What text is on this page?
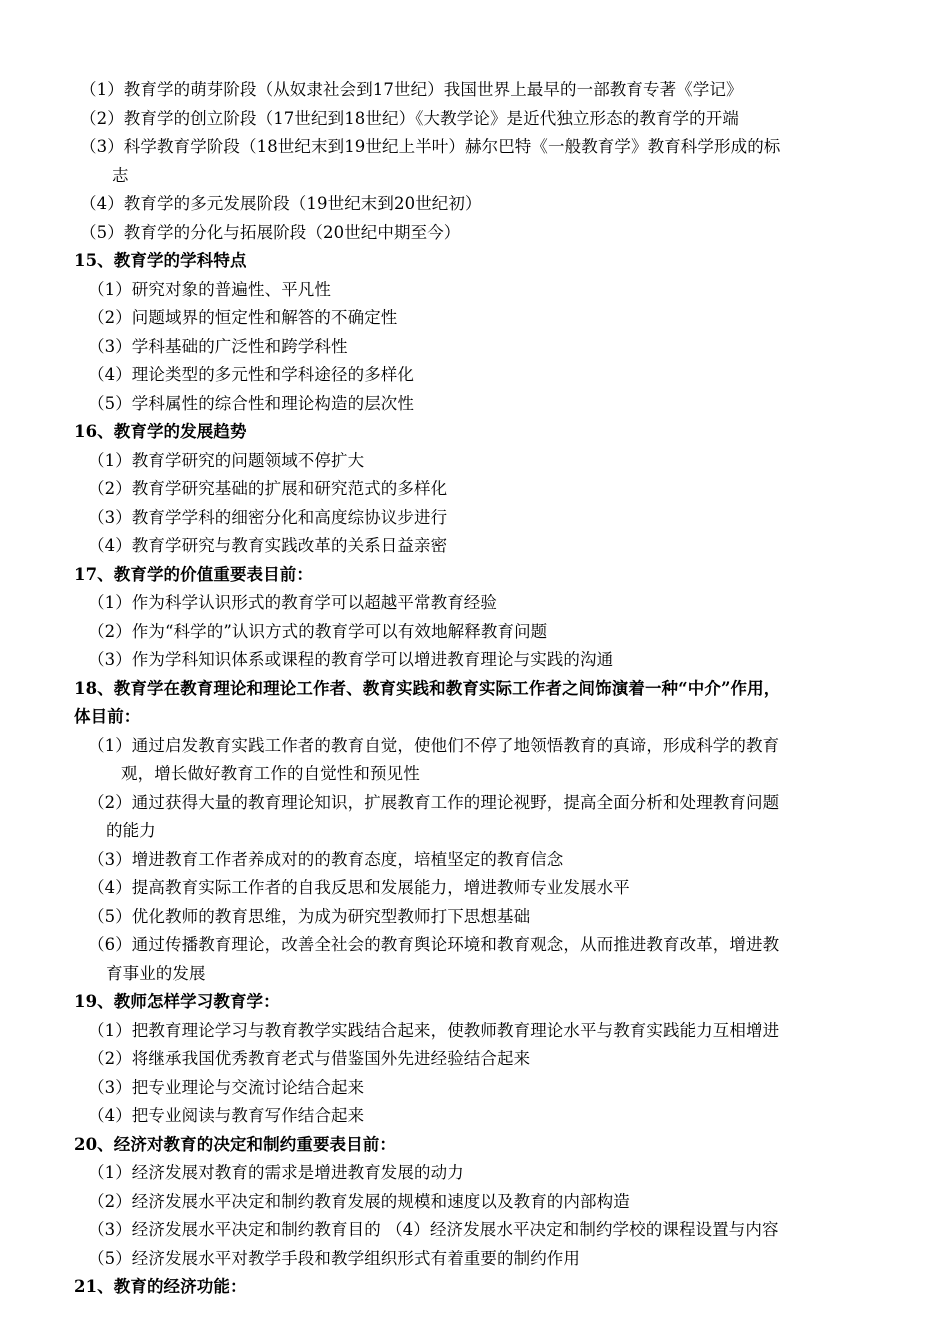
（1）教育学的萌芽阶段（从奴隶社会到17世纪）我国世界上最早的一部教育专著《学记》
（2）教育学的创立阶段（17世纪到18世纪）《大教学论》是近代独立形态的教育学的开端
（3）科学教育学阶段（18世纪末到19世纪上半叶）赫尔巴特《一般教育学》教育科学形成的标
志
（4）教育学的多元发展阶段（19世纪末到20世纪初）
（5）教育学的分化与拓展阶段（20世纪中期至今）
15、教育学的学科特点
（1）研究对象的普遍性、平凡性
（2）问题域界的恒定性和解答的不确定性
（3）学科基础的广泛性和跨学科性
（4）理论类型的多元性和学科途径的多样化
（5）学科属性的综合性和理论构造的层次性
16、教育学的发展趋势
（1）教育学研究的问题领域不停扩大
（2）教育学研究基础的扩展和研究范式的多样化
（3）教育学学科的细密分化和高度综协议步进行
（4）教育学研究与教育实践改革的关系日益亲密
17、教育学的价值重要表目前：
（1）作为科学认识形式的教育学可以超越平常教育经验
（2）作为“科学的”认识方式的教育学可以有效地解释教育问题
（3）作为学科知识体系或课程的教育学可以增进教育理论与实践的沟通
18、教育学在教育理论和理论工作者、教育实践和教育实际工作者之间饰演着一种“中介”作用，
体目前：
（1）通过启发教育实践工作者的教育自觉，使他们不停了地领悟教育的真谛，形成科学的教育
观，增长做好教育工作的自觉性和预见性
（2）通过获得大量的教育理论知识，扩展教育工作的理论视野，提高全面分析和处理教育问题
的能力
（3）增进教育工作者养成对的的教育态度，培植坚定的教育信念
（4）提高教育实际工作者的自我反思和发展能力，增进教师专业发展水平
（5）优化教师的教育思维，为成为研究型教师打下思想基础
（6）通过传播教育理论，改善全社会的教育舆论环境和教育观念，从而推进教育改革，增进教
育事业的发展
19、教师怎样学习教育学：
（1）把教育理论学习与教育教学实践结合起来，使教师教育理论水平与教育实践能力互相增进
（2）将继承我国优秀教育老式与借鉴国外先进经验结合起来
（3）把专业理论与交流讨论结合起来
（4）把专业阅读与教育写作结合起来
20、经济对教育的决定和制约重要表目前：
（1）经济发展对教育的需求是增进教育发展的动力
（2）经济发展水平决定和制约教育发展的规模和速度以及教育的内部构造
（3）经济发展水平决定和制约教育目的 （4）经济发展水平决定和制约学校的课程设置与内容
（5）经济发展水平对教学手段和教学组织形式有着重要的制约作用
21、教育的经济功能：
